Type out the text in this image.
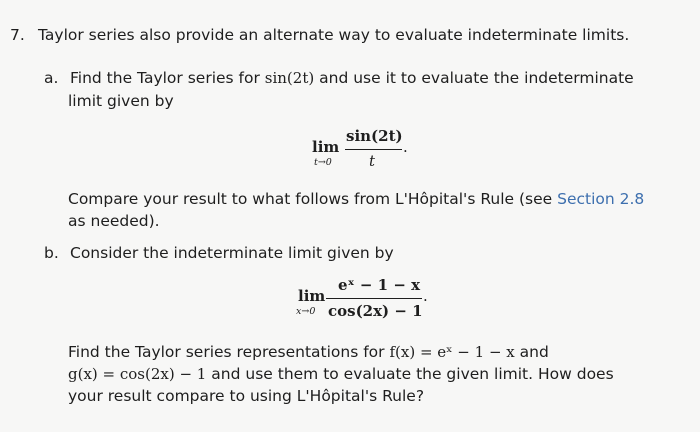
7. Taylor series also provide an alternate way to evaluate indeterminate limits.
a. Find the Taylor series for sin(2t) and use it to evaluate the indeterminate
limit given by
lim
t→0
sin(2t)
t
.
Compare your result to what follows from L'Hôpital's Rule (see Section 2.8
as needed).
b. Consider the indeterminate limit given by
lim
x→0
eˣ − 1 − x
cos(2x) − 1
.
Find the Taylor series representations for f(x) = eˣ − 1 − x and
g(x) = cos(2x) − 1 and use them to evaluate the given limit. How does
your result compare to using L'Hôpital's Rule?
